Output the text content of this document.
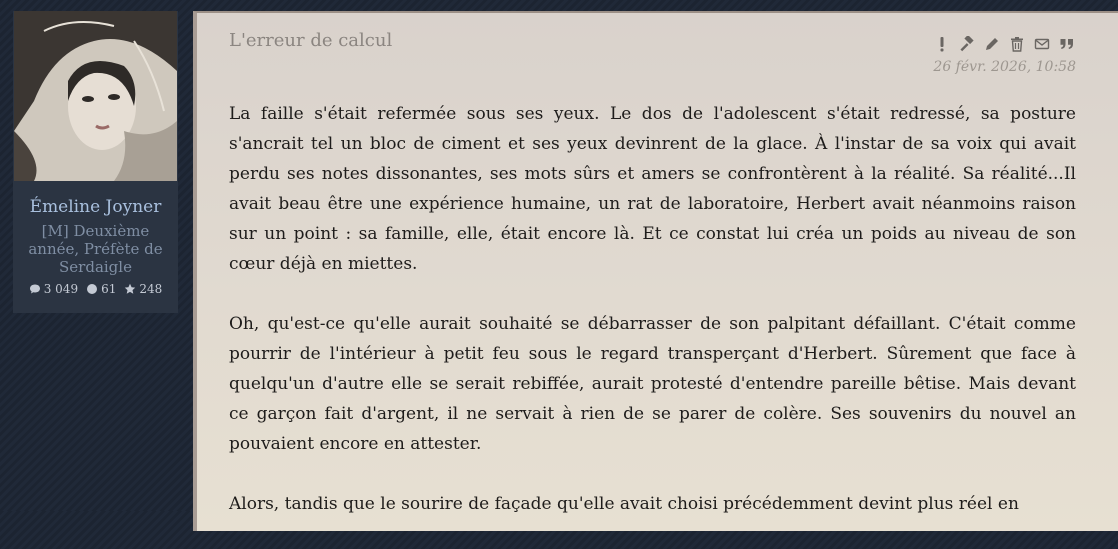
Émeline Joyner
[M] Deuxième année, Préfète de Serdaigle
3 049 61 248
L'erreur de calcul
26 févr. 2026, 10:58

La faille s'était refermée sous ses yeux. Le dos de l'adolescent s'était redressé, sa posture s'ancrait tel un bloc de ciment et ses yeux devinrent de la glace. À l'instar de sa voix qui avait perdu ses notes dissonantes, ses mots sûrs et amers se confrontèrent à la réalité. Sa réalité...Il avait beau être une expérience humaine, un rat de laboratoire, Herbert avait néanmoins raison sur un point : sa famille, elle, était encore là. Et ce constat lui créa un poids au niveau de son cœur déjà en miettes.

Oh, qu'est-ce qu'elle aurait souhaité se débarrasser de son palpitant défaillant. C'était comme pourrir de l'intérieur à petit feu sous le regard transperçant d'Herbert. Sûrement que face à quelqu'un d'autre elle se serait rebiffée, aurait protesté d'entendre pareille bêtise. Mais devant ce garçon fait d'argent, il ne servait à rien de se parer de colère. Ses souvenirs du nouvel an pouvaient encore en attester.

Alors, tandis que le sourire de façade qu'elle avait choisi précédemment devint plus réel en
